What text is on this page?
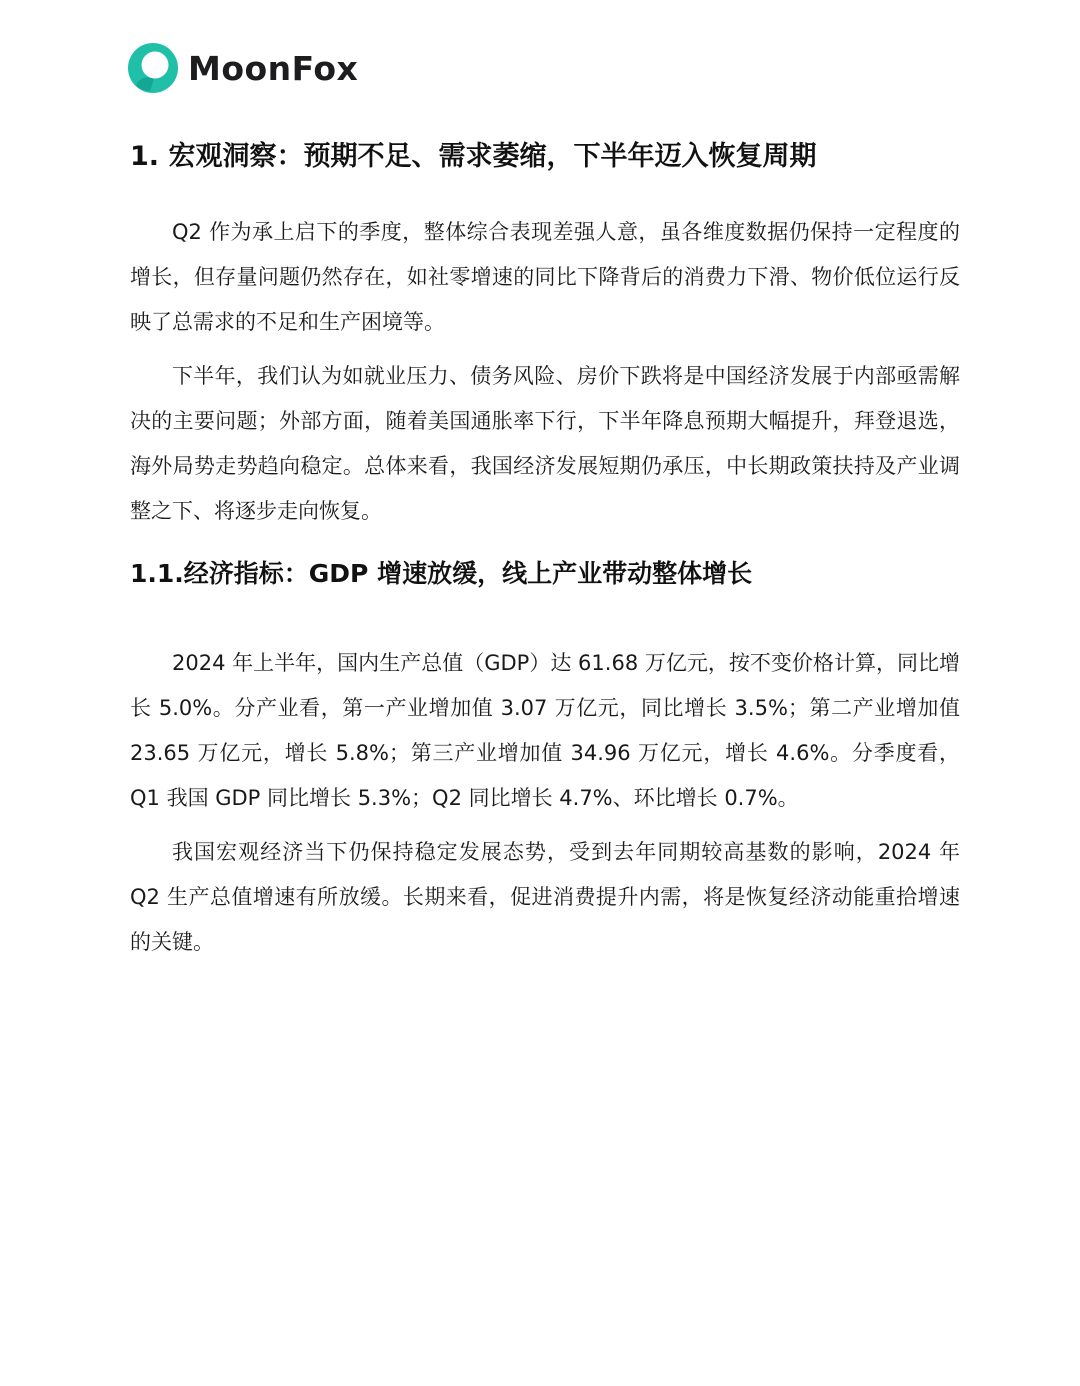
MoonFox
1. 宏观洞察：预期不足、需求萎缩，下半年迈入恢复周期

Q2 作为承上启下的季度，整体综合表现差强人意，虽各维度数据仍保持一定程度的增长，但存量问题仍然存在，如社零增速的同比下降背后的消费力下滑、物价低位运行反映了总需求的不足和生产困境等。

下半年，我们认为如就业压力、债务风险、房价下跌将是中国经济发展于内部亟需解决的主要问题；外部方面，随着美国通胀率下行，下半年降息预期大幅提升，拜登退选，海外局势走势趋向稳定。总体来看，我国经济发展短期仍承压，中长期政策扶持及产业调整之下、将逐步走向恢复。

1.1.经济指标：GDP 增速放缓，线上产业带动整体增长

2024 年上半年，国内生产总值（GDP）达 61.68 万亿元，按不变价格计算，同比增长 5.0%。分产业看，第一产业增加值 3.07 万亿元，同比增长 3.5%；第二产业增加值 23.65 万亿元，增长 5.8%；第三产业增加值 34.96 万亿元，增长 4.6%。分季度看，Q1 我国 GDP 同比增长 5.3%；Q2 同比增长 4.7%、环比增长 0.7%。

我国宏观经济当下仍保持稳定发展态势，受到去年同期较高基数的影响，2024 年 Q2 生产总值增速有所放缓。长期来看，促进消费提升内需，将是恢复经济动能重拾增速的关键。
